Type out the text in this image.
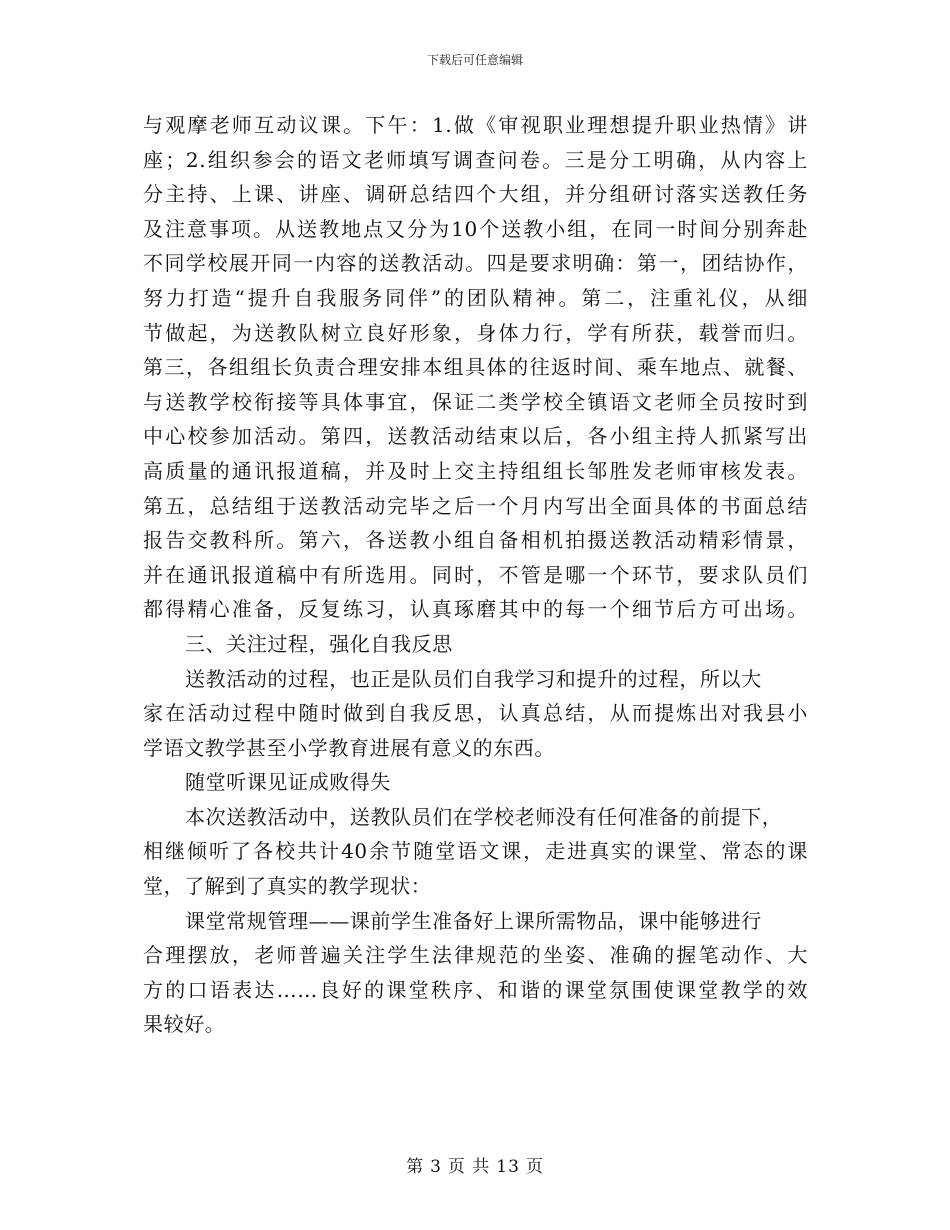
下载后可任意编辑
与观摩老师互动议课。下午：1.做《审视职业理想提升职业热情》讲
座；2.组织参会的语文老师填写调查问卷。三是分工明确，从内容上
分主持、上课、讲座、调研总结四个大组，并分组研讨落实送教任务
及注意事项。从送教地点又分为10个送教小组，在同一时间分别奔赴
不同学校展开同一内容的送教活动。四是要求明确：第一，团结协作，
努力打造“提升自我服务同伴”的团队精神。第二，注重礼仪，从细
节做起，为送教队树立良好形象，身体力行，学有所获，载誉而归。
第三，各组组长负责合理安排本组具体的往返时间、乘车地点、就餐、
与送教学校衔接等具体事宜，保证二类学校全镇语文老师全员按时到
中心校参加活动。第四，送教活动结束以后，各小组主持人抓紧写出
高质量的通讯报道稿，并及时上交主持组组长邹胜发老师审核发表。
第五，总结组于送教活动完毕之后一个月内写出全面具体的书面总结
报告交教科所。第六，各送教小组自备相机拍摄送教活动精彩情景，
并在通讯报道稿中有所选用。同时，不管是哪一个环节，要求队员们
都得精心准备，反复练习，认真琢磨其中的每一个细节后方可出场。
三、关注过程，强化自我反思
送教活动的过程，也正是队员们自我学习和提升的过程，所以大
家在活动过程中随时做到自我反思，认真总结，从而提炼出对我县小
学语文教学甚至小学教育进展有意义的东西。
随堂听课见证成败得失
本次送教活动中，送教队员们在学校老师没有任何准备的前提下，
相继倾听了各校共计40余节随堂语文课，走进真实的课堂、常态的课
堂，了解到了真实的教学现状：
课堂常规管理——课前学生准备好上课所需物品，课中能够进行
合理摆放，老师普遍关注学生法律规范的坐姿、准确的握笔动作、大
方的口语表达……良好的课堂秩序、和谐的课堂氛围使课堂教学的效
果较好。
第 3 页 共 13 页
